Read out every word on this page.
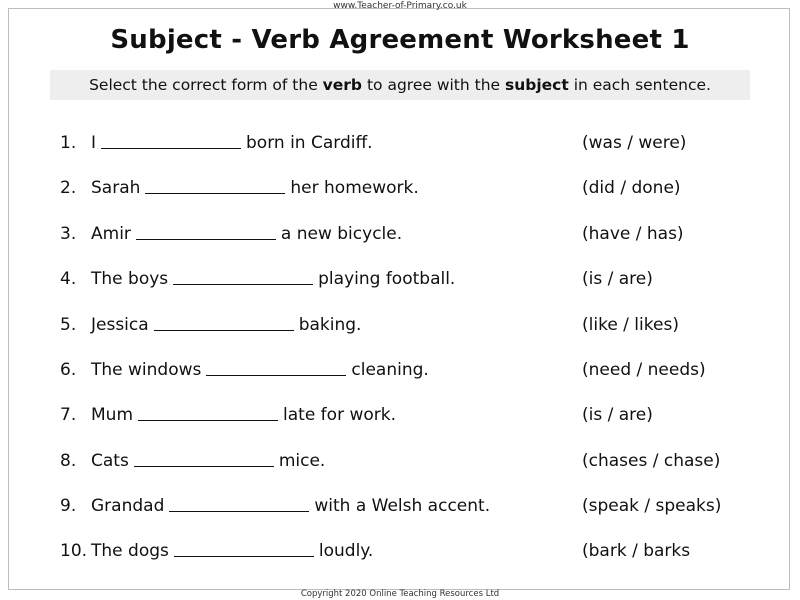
www.Teacher-of-Primary.co.uk
Subject - Verb Agreement Worksheet 1
Select the correct form of the verb to agree with the subject in each sentence.
1. I	born in Cardiff.	(was / were)
2. Sarah	her homework.	(did / done)
3. Amir	a new bicycle.	(have / has)
4. The boys	playing football.	(is / are)
5. Jessica	baking.	(like / likes)
6. The windows	cleaning.	(need / needs)
7. Mum	late for work.	(is / are)
8. Cats	mice.	(chases / chase)
9. Grandad	with a Welsh accent.	(speak / speaks)
10. The dogs	loudly.	(bark / barks
Copyright 2020 Online Teaching Resources Ltd
